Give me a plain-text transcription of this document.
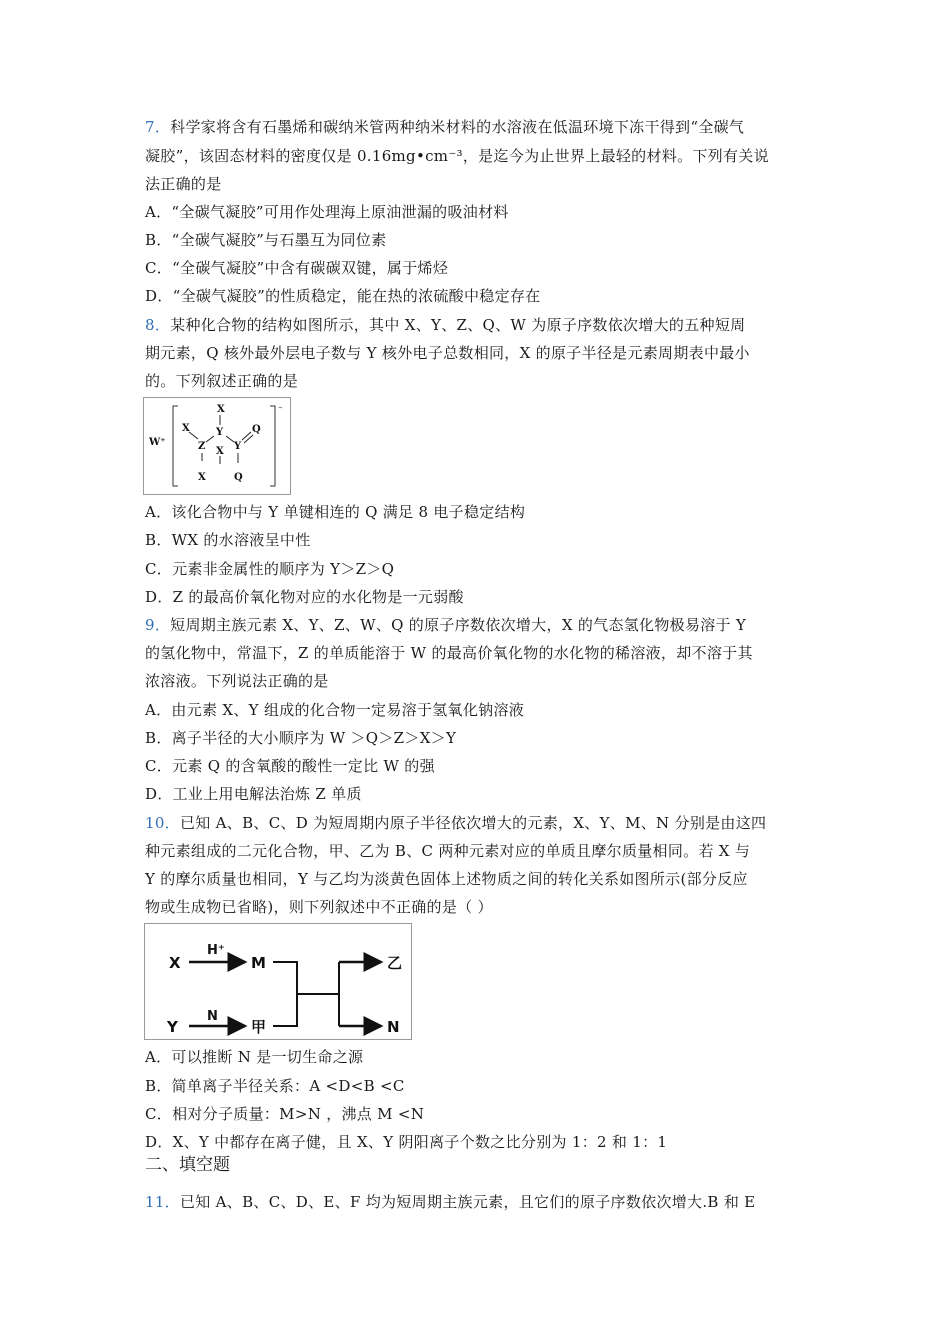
7．科学家将含有石墨烯和碳纳米管两种纳米材料的水溶液在低温环境下冻干得到“全碳气
凝胶”，该固态材料的密度仅是 0.16mg•cm⁻³，是迄今为止世界上最轻的材料。下列有关说
法正确的是
A．“全碳气凝胶”可用作处理海上原油泄漏的吸油材料
B．“全碳气凝胶”与石墨互为同位素
C．“全碳气凝胶”中含有碳碳双键，属于烯烃
D．“全碳气凝胶”的性质稳定，能在热的浓硫酸中稳定存在
8．某种化合物的结构如图所示，其中 X、Y、Z、Q、W 为原子序数依次增大的五种短周
期元素，Q 核外最外层电子数与 Y 核外电子总数相同，X 的原子半径是元素周期表中最小
的。下列叙述正确的是
W⁺
⁻
X
X
Z
Y
Y
Q
X
X	Q
A．该化合物中与 Y 单键相连的 Q 满足 8 电子稳定结构
B．WX 的水溶液呈中性
C．元素非金属性的顺序为 Y＞Z＞Q
D．Z 的最高价氧化物对应的水化物是一元弱酸
9．短周期主族元素 X、Y、Z、W、Q 的原子序数依次增大，X 的气态氢化物极易溶于 Y
的氢化物中，常温下，Z 的单质能溶于 W 的最高价氧化物的水化物的稀溶液，却不溶于其
浓溶液。下列说法正确的是
A．由元素 X、Y 组成的化合物一定易溶于氢氧化钠溶液
B．离子半径的大小顺序为 W ＞Q＞Z＞X＞Y
C．元素 Q 的含氧酸的酸性一定比 W 的强
D．工业上用电解法治炼 Z 单质
10．已知 A、B、C、D 为短周期内原子半径依次增大的元素，X、Y、M、N 分别是由这四
种元素组成的二元化合物，甲、乙为 B、C 两种元素对应的单质且摩尔质量相同。若 X 与
Y 的摩尔质量也相同，Y 与乙均为淡黄色固体上述物质之间的转化关系如图所示(部分反应
物或生成物已省略)，则下列叙述中不正确的是（ ）
X
H⁺
M
Y
N
甲
乙
N
A．可以推断 N 是一切生命之源
B．简单离子半径关系：A <D<B <C
C．相对分子质量：M>N ，沸点 M <N
D．X、Y 中都存在离子健，且 X、Y 阴阳离子个数之比分别为 1：2 和 1：1
二、填空题
11．已知 A、B、C、D、E、F 均为短周期主族元素，且它们的原子序数依次增大.B 和 E
